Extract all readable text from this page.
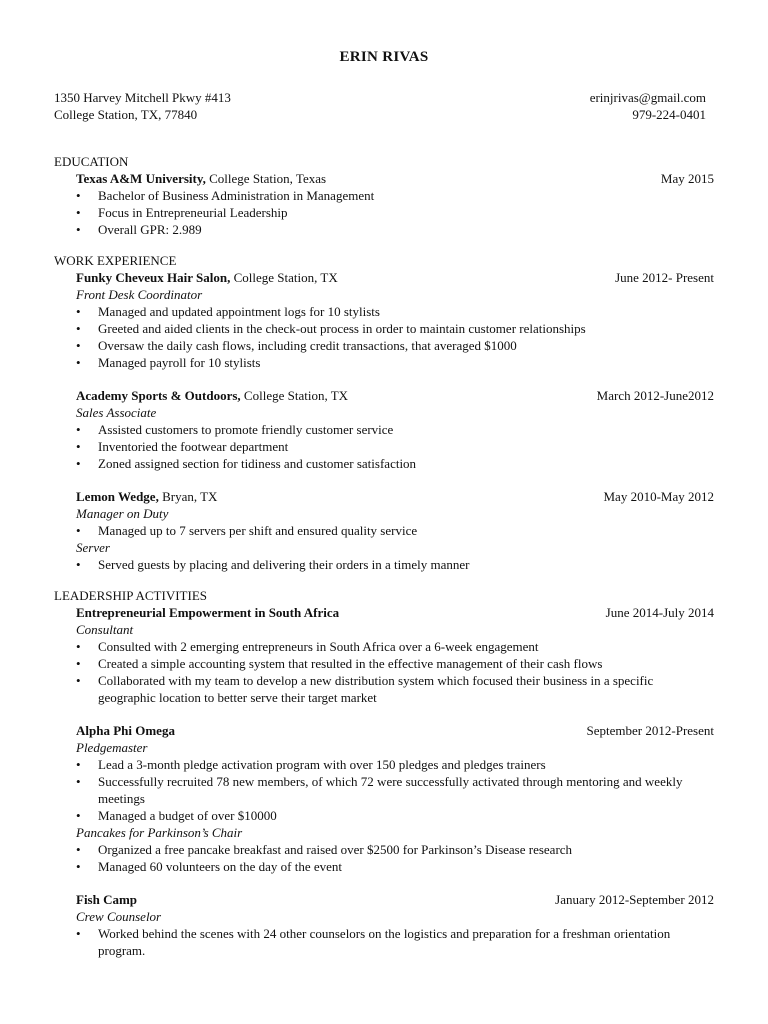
ERIN RIVAS
1350 Harvey Mitchell Pkwy #413	erinjrivas@gmail.com
College Station, TX, 77840	979-224-0401
EDUCATION
Texas A&M University, College Station, Texas	May 2015
• Bachelor of Business Administration in Management
• Focus in Entrepreneurial Leadership
• Overall GPR: 2.989
WORK EXPERIENCE
Funky Cheveux Hair Salon, College Station, TX	June 2012- Present
Front Desk Coordinator
• Managed and updated appointment logs for 10 stylists
• Greeted and aided clients in the check-out process in order to maintain customer relationships
• Oversaw the daily cash flows, including credit transactions, that averaged $1000
• Managed payroll for 10 stylists
Academy Sports & Outdoors, College Station, TX	March 2012-June2012
Sales Associate
• Assisted customers to promote friendly customer service
• Inventoried the footwear department
• Zoned assigned section for tidiness and customer satisfaction
Lemon Wedge, Bryan, TX	May 2010-May 2012
Manager on Duty
• Managed up to 7 servers per shift and ensured quality service
Server
• Served guests by placing and delivering their orders in a timely manner
LEADERSHIP ACTIVITIES
Entrepreneurial Empowerment in South Africa	June 2014-July 2014
Consultant
• Consulted with 2 emerging entrepreneurs in South Africa over a 6-week engagement
• Created a simple accounting system that resulted in the effective management of their cash flows
• Collaborated with my team to develop a new distribution system which focused their business in a specific geographic location to better serve their target market
Alpha Phi Omega	September 2012-Present
Pledgemaster
• Lead a 3-month pledge activation program with over 150 pledges and pledges trainers
• Successfully recruited 78 new members, of which 72 were successfully activated through mentoring and weekly meetings
• Managed a budget of over $10000
Pancakes for Parkinson’s Chair
• Organized a free pancake breakfast and raised over $2500 for Parkinson’s Disease research
• Managed 60 volunteers on the day of the event
Fish Camp	January 2012-September 2012
Crew Counselor
• Worked behind the scenes with 24 other counselors on the logistics and preparation for a freshman orientation program.
